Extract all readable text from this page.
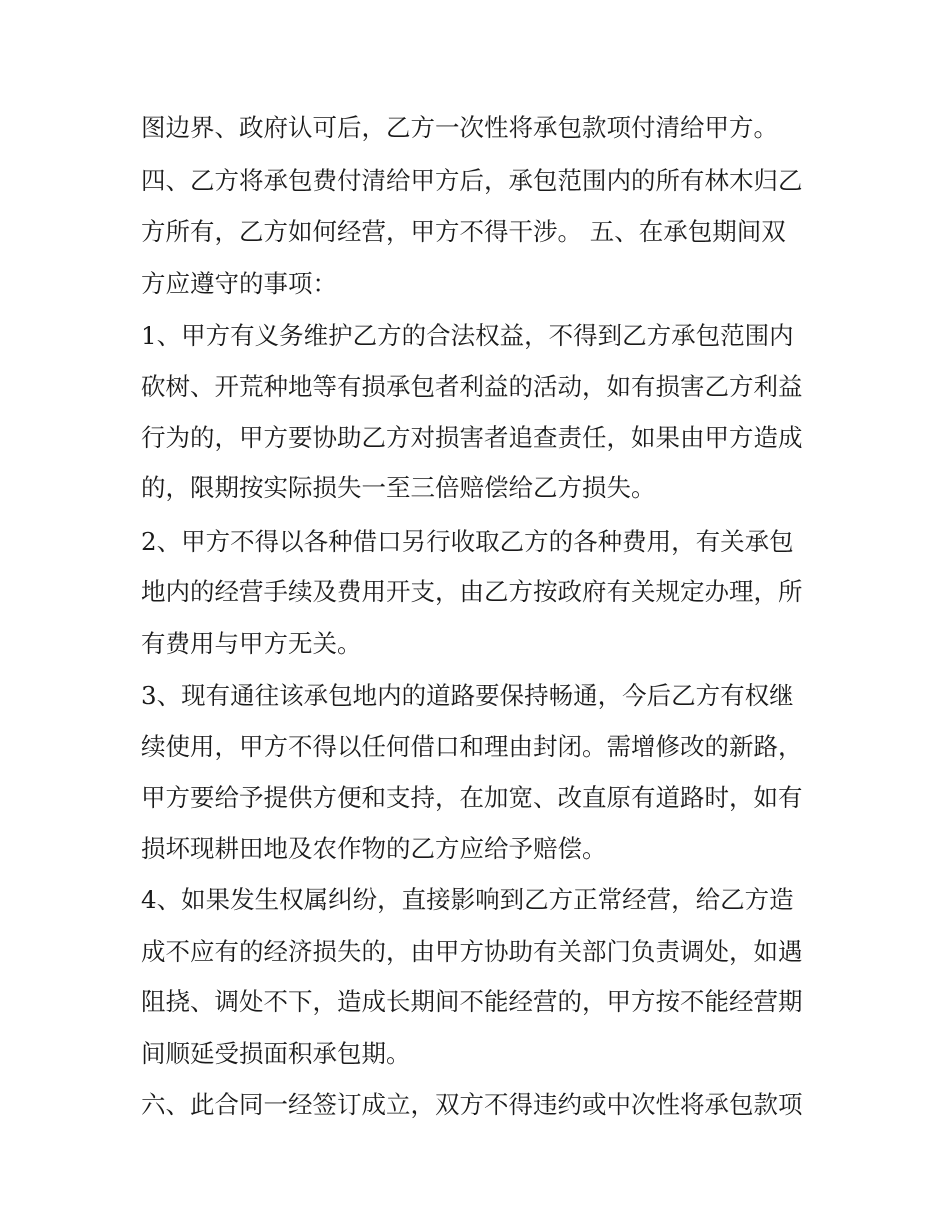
图边界、政府认可后，乙方一次性将承包款项付清给甲方。
四、乙方将承包费付清给甲方后，承包范围内的所有林木归乙
方所有，乙方如何经营，甲方不得干涉。 五、在承包期间双
方应遵守的事项：
1、甲方有义务维护乙方的合法权益，不得到乙方承包范围内
砍树、开荒种地等有损承包者利益的活动，如有损害乙方利益
行为的，甲方要协助乙方对损害者追查责任，如果由甲方造成
的，限期按实际损失一至三倍赔偿给乙方损失。
2、甲方不得以各种借口另行收取乙方的各种费用，有关承包
地内的经营手续及费用开支，由乙方按政府有关规定办理，所
有费用与甲方无关。
3、现有通往该承包地内的道路要保持畅通，今后乙方有权继
续使用，甲方不得以任何借口和理由封闭。需增修改的新路，
甲方要给予提供方便和支持，在加宽、改直原有道路时，如有
损坏现耕田地及农作物的乙方应给予赔偿。
4、如果发生权属纠纷，直接影响到乙方正常经营，给乙方造
成不应有的经济损失的，由甲方协助有关部门负责调处，如遇
阻挠、调处不下，造成长期间不能经营的，甲方按不能经营期
间顺延受损面积承包期。
六、此合同一经签订成立，双方不得违约或中次性将承包款项
